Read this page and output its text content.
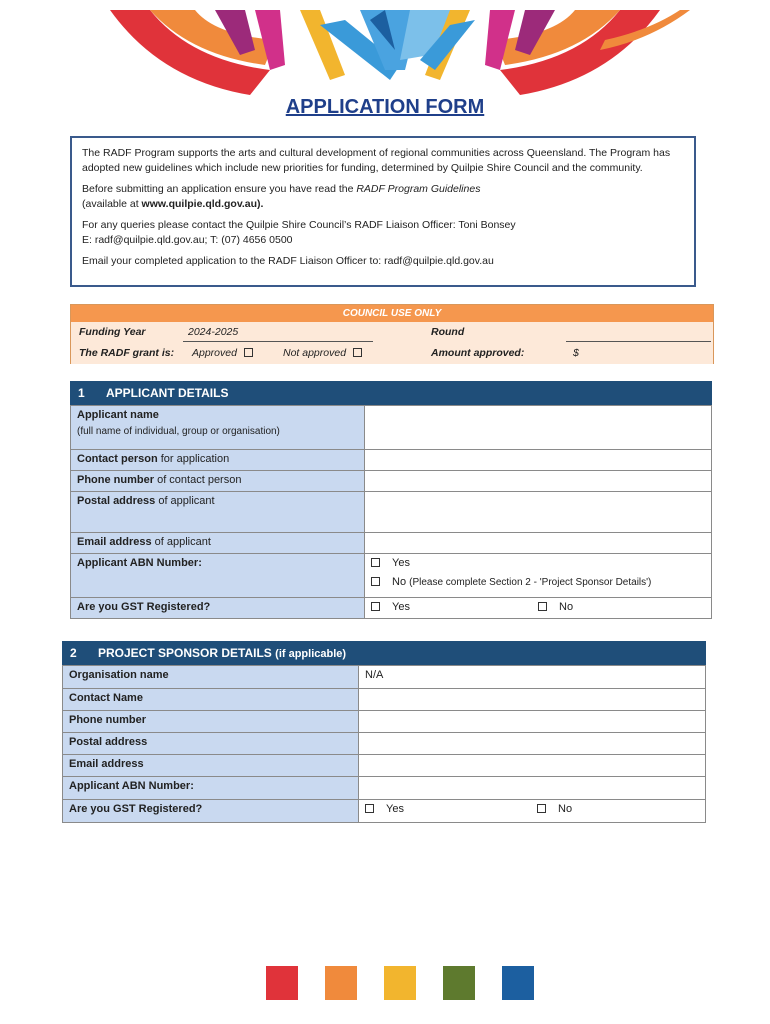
APPLICATION FORM

The RADF Program supports the arts and cultural development of regional communities across Queensland. The Program has adopted new guidelines which include new priorities for funding, determined by Quilpie Shire Council and the community.

Before submitting an application ensure you have read the RADF Program Guidelines

(available at www.quilpie.qld.gov.au).

For any queries please contact the Quilpie Shire Council’s RADF Liaison Officer: Toni Bonsey

E: radf@quilpie.qld.gov.au; T: (07) 4656 0500

Email your completed application to the RADF Liaison Officer to: radf@quilpie.qld.gov.au

COUNCIL USE ONLY
Funding Year	2024-2025	Round
The RADF grant is: Approved	Not approved	Amount approved:	$
1 APPLICANT DETAILS
Applicant name
(full name of individual, group or organisation)	

Contact person for application	
Phone number of contact person	
Postal address of applicant	
Email address of applicant	
Applicant ABN Number:	Yes
No (Please complete Section 2 - 'Project Sponsor Details')

Are you GST Registered?	Yes No
2 PROJECT SPONSOR DETAILS (if applicable)
Organisation name	N/A
Contact Name	
Phone number	
Postal address	
Email address	
Applicant ABN Number:	
Are you GST Registered?	Yes No
